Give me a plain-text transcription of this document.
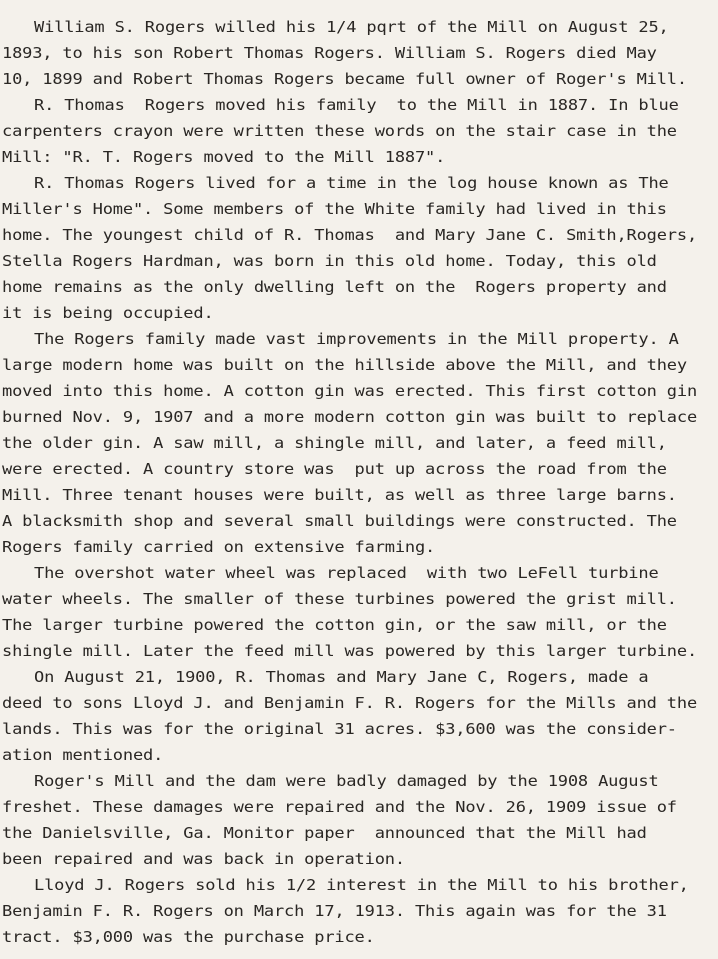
William S. Rogers willed his 1/4 pqrt of the Mill on August 25,
1893, to his son Robert Thomas Rogers. William S. Rogers died May
10, 1899 and Robert Thomas Rogers became full owner of Roger's Mill.
R. Thomas  Rogers moved his family  to the Mill in 1887. In blue
carpenters crayon were written these words on the stair case in the
Mill: "R. T. Rogers moved to the Mill 1887".
R. Thomas Rogers lived for a time in the log house known as The
Miller's Home". Some members of the White family had lived in this
home. The youngest child of R. Thomas  and Mary Jane C. Smith,Rogers,
Stella Rogers Hardman, was born in this old home. Today, this old
home remains as the only dwelling left on the  Rogers property and
it is being occupied.
The Rogers family made vast improvements in the Mill property. A
large modern home was built on the hillside above the Mill, and they
moved into this home. A cotton gin was erected. This first cotton gin
burned Nov. 9, 1907 and a more modern cotton gin was built to replace
the older gin. A saw mill, a shingle mill, and later, a feed mill,
were erected. A country store was  put up across the road from the
Mill. Three tenant houses were built, as well as three large barns.
A blacksmith shop and several small buildings were constructed. The
Rogers family carried on extensive farming.
The overshot water wheel was replaced  with two LeFell turbine
water wheels. The smaller of these turbines powered the grist mill.
The larger turbine powered the cotton gin, or the saw mill, or the
shingle mill. Later the feed mill was powered by this larger turbine.
On August 21, 1900, R. Thomas and Mary Jane C, Rogers, made a
deed to sons Lloyd J. and Benjamin F. R. Rogers for the Mills and the
lands. This was for the original 31 acres. $3,600 was the consider-
ation mentioned.
Roger's Mill and the dam were badly damaged by the 1908 August
freshet. These damages were repaired and the Nov. 26, 1909 issue of
the Danielsville, Ga. Monitor paper  announced that the Mill had
been repaired and was back in operation.
Lloyd J. Rogers sold his 1/2 interest in the Mill to his brother,
Benjamin F. R. Rogers on March 17, 1913. This again was for the 31
tract. $3,000 was the purchase price.
